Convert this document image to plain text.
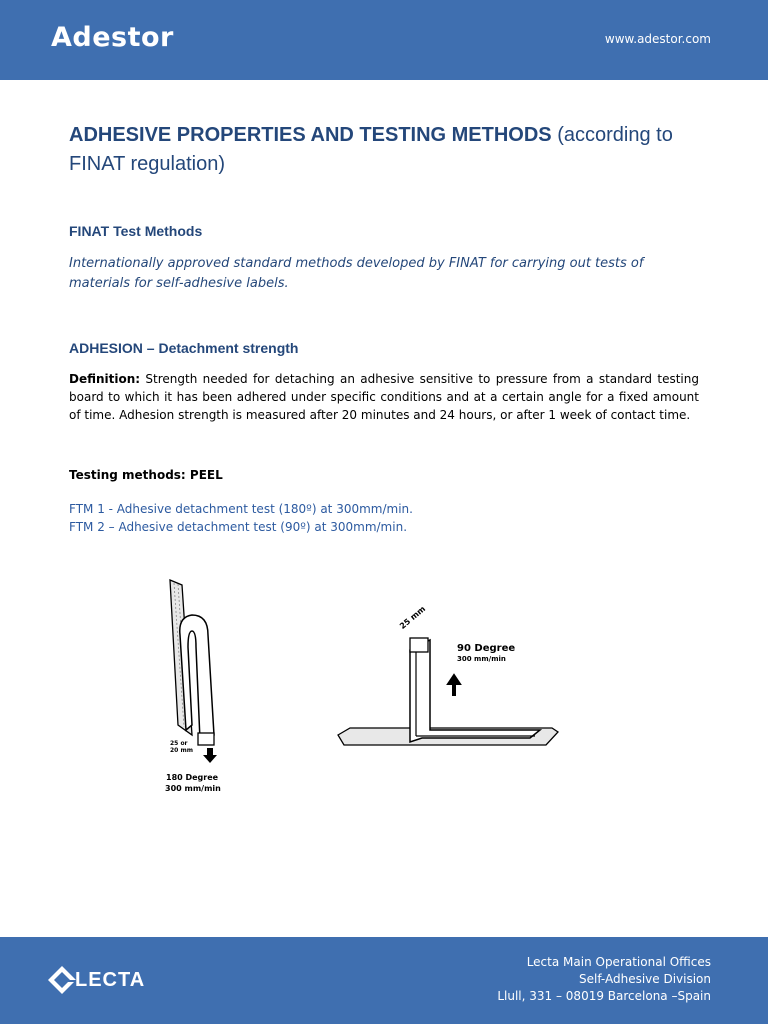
Adestor	www.adestor.com
ADHESIVE PROPERTIES AND TESTING METHODS (according to FINAT regulation)
FINAT Test Methods
Internationally approved standard methods developed by FINAT for carrying out tests of materials for self-adhesive labels.
ADHESION – Detachment strength
Definition: Strength needed for detaching an adhesive sensitive to pressure from a standard testing board to which it has been adhered under specific conditions and at a certain angle for a fixed amount of time. Adhesion strength is measured after 20 minutes and 24 hours, or after 1 week of contact time.
Testing methods: PEEL
FTM 1 - Adhesive detachment test (180º) at 300mm/min.
FTM 2 – Adhesive detachment test (90º) at 300mm/min.
25 or
20 mm
180 Degree
300 mm/min
25 mm
90 Degree
300 mm/min
LECTA
Lecta Main Operational Offices
Self-Adhesive Division
Llull, 331 – 08019 Barcelona –Spain
